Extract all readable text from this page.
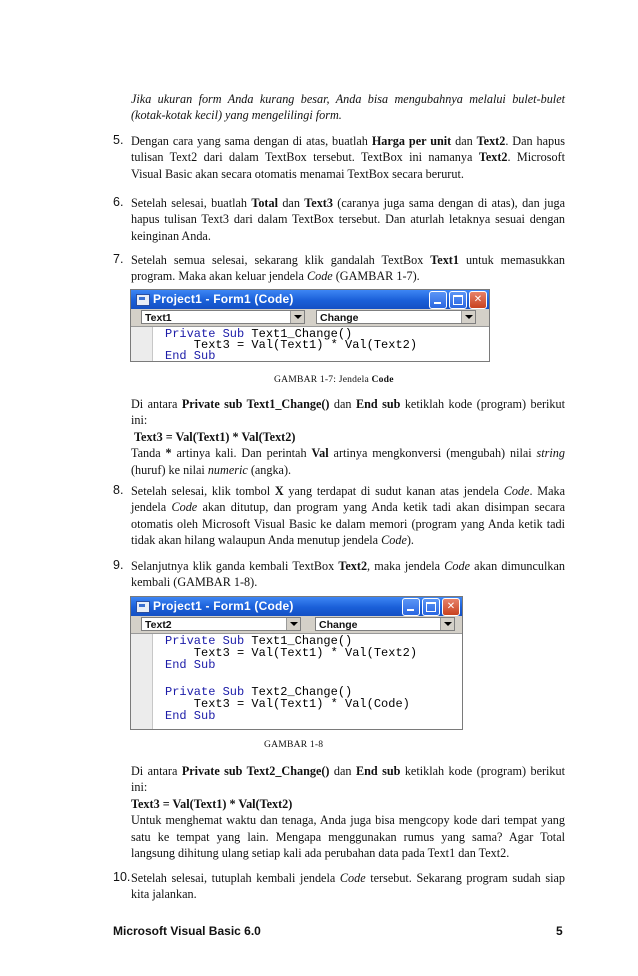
Jika ukuran form Anda kurang besar, Anda bisa mengubahnya melalui bulet-bulet (kotak-kotak kecil) yang mengelilingi form.
5. Dengan cara yang sama dengan di atas, buatlah Harga per unit dan Text2. Dan hapus tulisan Text2 dari dalam TextBox tersebut. TextBox ini namanya Text2. Microsoft Visual Basic akan secara otomatis menamai TextBox secara berurut.
6. Setelah selesai, buatlah Total dan Text3 (caranya juga sama dengan di atas), dan juga hapus tulisan Text3 dari dalam TextBox tersebut. Dan aturlah letaknya sesuai dengan keinginan Anda.
7. Setelah semua selesai, sekarang klik gandalah TextBox Text1 untuk memasukkan program. Maka akan keluar jendela Code (GAMBAR 1-7).
Project1 - Form1 (Code)	✕
Text1	Change
Private Sub Text1_Change()
Text3 = Val(Text1) * Val(Text2)
End Sub
GAMBAR 1-7: Jendela Code
Di antara Private sub Text1_Change() dan End sub ketiklah kode (program) berikut ini:
Text3 = Val(Text1) * Val(Text2)
Tanda * artinya kali. Dan perintah Val artinya mengkonversi (mengubah) nilai string (huruf) ke nilai numeric (angka).
8. Setelah selesai, klik tombol X yang terdapat di sudut kanan atas jendela Code. Maka jendela Code akan ditutup, dan program yang Anda ketik tadi akan disimpan secara otomatis oleh Microsoft Visual Basic ke dalam memori (program yang Anda ketik tadi tidak akan hilang walaupun Anda menutup jendela Code).
9. Selanjutnya klik ganda kembali TextBox Text2, maka jendela Code akan dimunculkan kembali (GAMBAR 1-8).
Project1 - Form1 (Code)	✕
Text2	Change
Private Sub Text1_Change()
Text3 = Val(Text1) * Val(Text2)
End Sub
Private Sub Text2_Change()
Text3 = Val(Text1) * Val(Code)
End Sub
GAMBAR 1-8
Di antara Private sub Text2_Change() dan End sub ketiklah kode (program) berikut ini:
Text3 = Val(Text1) * Val(Text2)
Untuk menghemat waktu dan tenaga, Anda juga bisa mengcopy kode dari tempat yang satu ke tempat yang lain. Mengapa menggunakan rumus yang sama? Agar Total langsung dihitung ulang setiap kali ada perubahan data pada Text1 dan Text2.
10. Setelah selesai, tutuplah kembali jendela Code tersebut. Sekarang program sudah siap kita jalankan.
Microsoft Visual Basic 6.0	5
